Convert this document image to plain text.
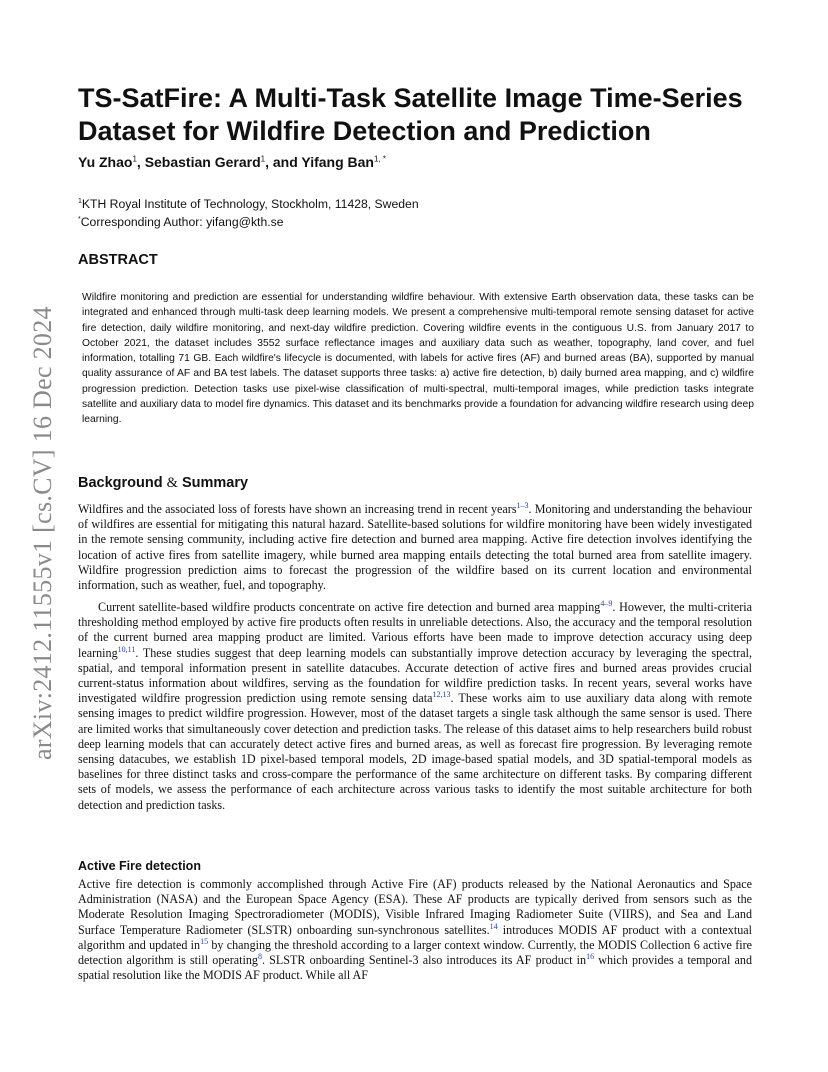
arXiv:2412.11555v1 [cs.CV] 16 Dec 2024
TS-SatFire: A Multi-Task Satellite Image Time-Series Dataset for Wildfire Detection and Prediction
Yu Zhao$^1$, Sebastian Gerard$^1$, and Yifang Ban$^{1, *}$
$^1$KTH Royal Institute of Technology, Stockholm, 11428, Sweden
*Corresponding Author: yifang@kth.se
ABSTRACT

Wildfire monitoring and prediction are essential for understanding wildfire behaviour. With extensive Earth observation data, these tasks can be integrated and enhanced through multi-task deep learning models. We present a comprehensive multi-temporal remote sensing dataset for active fire detection, daily wildfire monitoring, and next-day wildfire prediction. Covering wildfire events in the contiguous U.S. from January 2017 to October 2021, the dataset includes 3552 surface reflectance images and auxiliary data such as weather, topography, land cover, and fuel information, totalling 71 GB. Each wildfire's lifecycle is documented, with labels for active fires (AF) and burned areas (BA), supported by manual quality assurance of AF and BA test labels. The dataset supports three tasks: a) active fire detection, b) daily burned area mapping, and c) wildfire progression prediction. Detection tasks use pixel-wise classification of multi-spectral, multi-temporal images, while prediction tasks integrate satellite and auxiliary data to model fire dynamics. This dataset and its benchmarks provide a foundation for advancing wildfire research using deep learning.

Background & Summary

Wildfires and the associated loss of forests have shown an increasing trend in recent years$^{1-3}$. Monitoring and understanding the behaviour of wildfires are essential for mitigating this natural hazard. Satellite-based solutions for wildfire monitoring have been widely investigated in the remote sensing community, including active fire detection and burned area mapping. Active fire detection involves identifying the location of active fires from satellite imagery, while burned area mapping entails detecting the total burned area from satellite imagery. Wildfire progression prediction aims to forecast the progression of the wildfire based on its current location and environmental information, such as weather, fuel, and topography.

Current satellite-based wildfire products concentrate on active fire detection and burned area mapping$^{4-9}$. However, the multi-criteria thresholding method employed by active fire products often results in unreliable detections. Also, the accuracy and the temporal resolution of the current burned area mapping product are limited. Various efforts have been made to improve detection accuracy using deep learning$^{10,11}$. These studies suggest that deep learning models can substantially improve detection accuracy by leveraging the spectral, spatial, and temporal information present in satellite datacubes. Accurate detection of active fires and burned areas provides crucial current-status information about wildfires, serving as the foundation for wildfire prediction tasks. In recent years, several works have investigated wildfire progression prediction using remote sensing data$^{12,13}$. These works aim to use auxiliary data along with remote sensing images to predict wildfire progression. However, most of the dataset targets a single task although the same sensor is used. There are limited works that simultaneously cover detection and prediction tasks. The release of this dataset aims to help researchers build robust deep learning models that can accurately detect active fires and burned areas, as well as forecast fire progression. By leveraging remote sensing datacubes, we establish 1D pixel-based temporal models, 2D image-based spatial models, and 3D spatial-temporal models as baselines for three distinct tasks and cross-compare the performance of the same architecture on different tasks. By comparing different sets of models, we assess the performance of each architecture across various tasks to identify the most suitable architecture for both detection and prediction tasks.

Active Fire detection

Active fire detection is commonly accomplished through Active Fire (AF) products released by the National Aeronautics and Space Administration (NASA) and the European Space Agency (ESA). These AF products are typically derived from sensors such as the Moderate Resolution Imaging Spectroradiometer (MODIS), Visible Infrared Imaging Radiometer Suite (VIIRS), and Sea and Land Surface Temperature Radiometer (SLSTR) onboarding sun-synchronous satellites.$^{14}$ introduces MODIS AF product with a contextual algorithm and updated in$^{15}$ by changing the threshold according to a larger context window. Currently, the MODIS Collection 6 active fire detection algorithm is still operating$^8$. SLSTR onboarding Sentinel-3 also introduces its AF product in$^{16}$ which provides a temporal and spatial resolution like the MODIS AF product. While all AF
